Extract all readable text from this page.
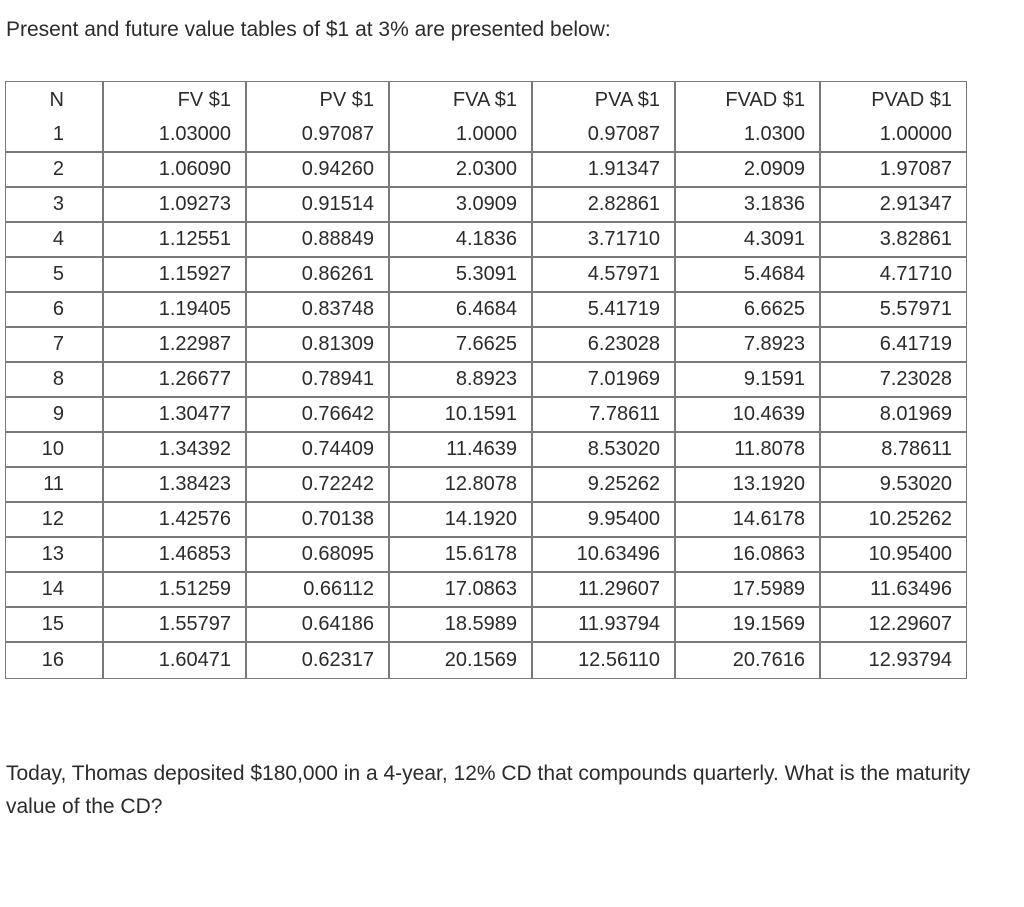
Present and future value tables of $1 at 3% are presented below:

N	FV $1	PV $1	FVA $1	PVA $1	FVAD $1	PVAD $1
1	1.03000	0.97087	1.0000	0.97087	1.0300	1.00000
2	1.06090	0.94260	2.0300	1.91347	2.0909	1.97087
3	1.09273	0.91514	3.0909	2.82861	3.1836	2.91347
4	1.12551	0.88849	4.1836	3.71710	4.3091	3.82861
5	1.15927	0.86261	5.3091	4.57971	5.4684	4.71710
6	1.19405	0.83748	6.4684	5.41719	6.6625	5.57971
7	1.22987	0.81309	7.6625	6.23028	7.8923	6.41719
8	1.26677	0.78941	8.8923	7.01969	9.1591	7.23028
9	1.30477	0.76642	10.1591	7.78611	10.4639	8.01969
10	1.34392	0.74409	11.4639	8.53020	11.8078	8.78611
11	1.38423	0.72242	12.8078	9.25262	13.1920	9.53020
12	1.42576	0.70138	14.1920	9.95400	14.6178	10.25262
13	1.46853	0.68095	15.6178	10.63496	16.0863	10.95400
14	1.51259	0.66112	17.0863	11.29607	17.5989	11.63496
15	1.55797	0.64186	18.5989	11.93794	19.1569	12.29607
16	1.60471	0.62317	20.1569	12.56110	20.7616	12.93794

Today, Thomas deposited $180,000 in a 4-year, 12% CD that compounds quarterly. What is the maturity value of the CD?
